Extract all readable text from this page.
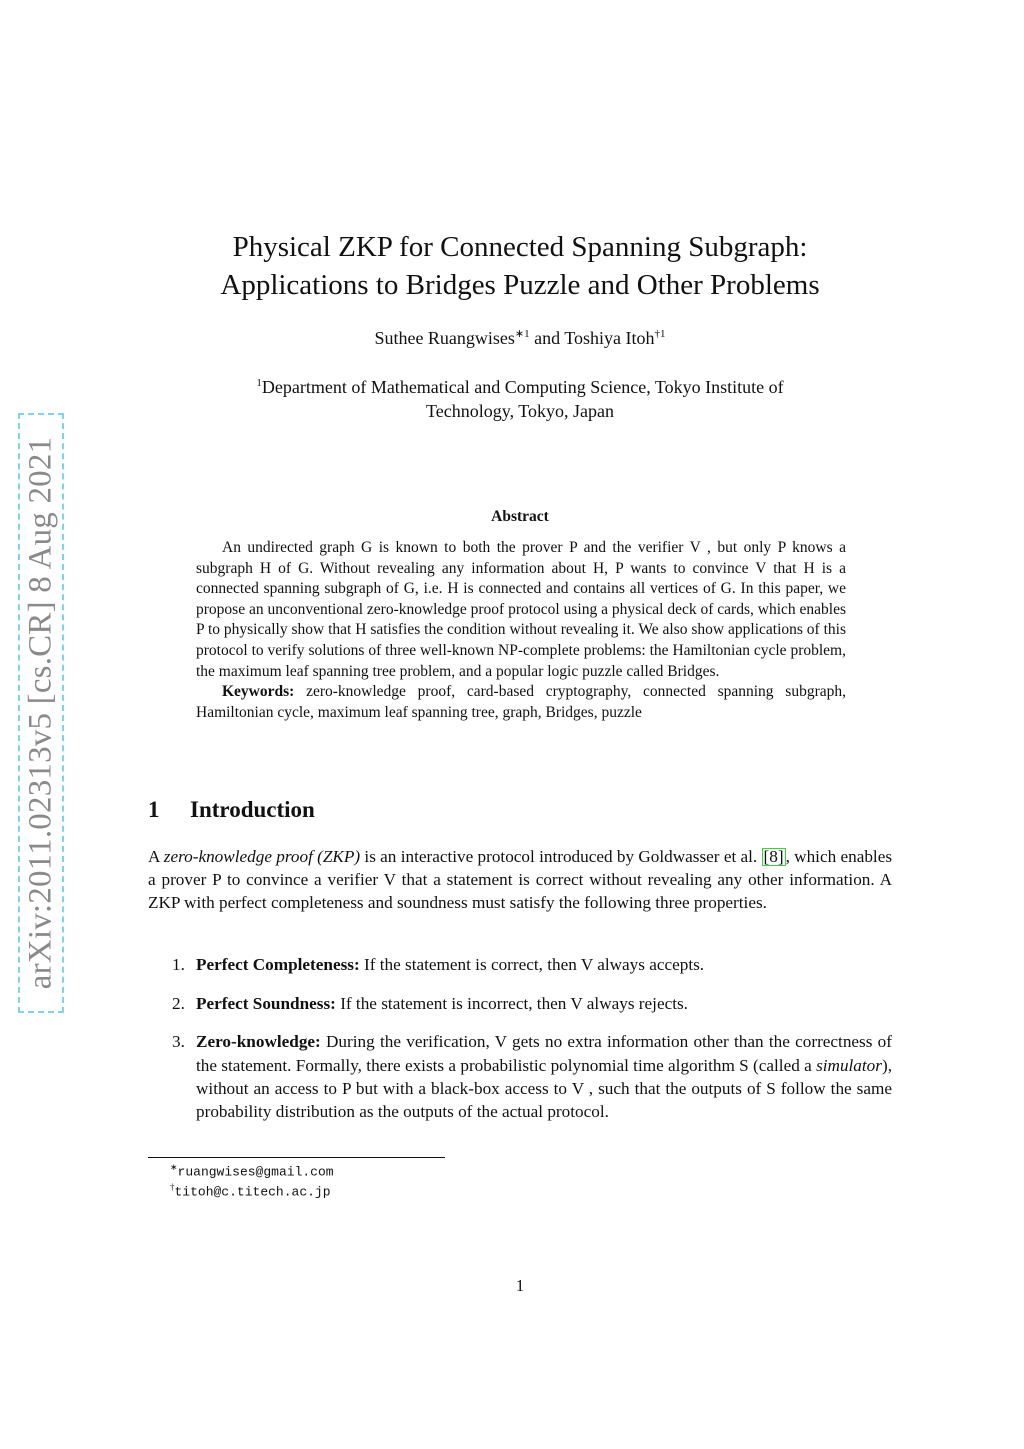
arXiv:2011.02313v5 [cs.CR] 8 Aug 2021
Physical ZKP for Connected Spanning Subgraph:
Applications to Bridges Puzzle and Other Problems
Suthee Ruangwises$^{∗1}$ and Toshiya Itoh$^{\dagger 1}$
$^1$Department of Mathematical and Computing Science, Tokyo Institute of
Technology, Tokyo, Japan
Abstract

An undirected graph G is known to both the prover P and the verifier V , but only P knows a subgraph H of G. Without revealing any information about H, P wants to convince V that H is a connected spanning subgraph of G, i.e. H is connected and contains all vertices of G. In this paper, we propose an unconventional zero-knowledge proof protocol using a physical deck of cards, which enables P to physically show that H satisfies the condition without revealing it. We also show applications of this protocol to verify solutions of three well-known NP-complete problems: the Hamiltonian cycle problem, the maximum leaf spanning tree problem, and a popular logic puzzle called Bridges.

Keywords: zero-knowledge proof, card-based cryptography, connected spanning subgraph, Hamiltonian cycle, maximum leaf spanning tree, graph, Bridges, puzzle

1 Introduction

A zero-knowledge proof (ZKP) is an interactive protocol introduced by Goldwasser et al. [8] , which enables a prover P to convince a verifier V that a statement is correct without revealing any other information. A ZKP with perfect completeness and soundness must satisfy the following three properties.

1. Perfect Completeness: If the statement is correct, then V always accepts.
2. Perfect Soundness: If the statement is incorrect, then V always rejects.
3. Zero-knowledge: During the verification, V gets no extra information other than the correctness of the statement. Formally, there exists a probabilistic polynomial time algorithm S (called a simulator), without an access to P but with a black-box access to V , such that the outputs of S follow the same probability distribution as the outputs of the actual protocol.
∗ruangwises@gmail.com
†titoh@c.titech.ac.jp
1
